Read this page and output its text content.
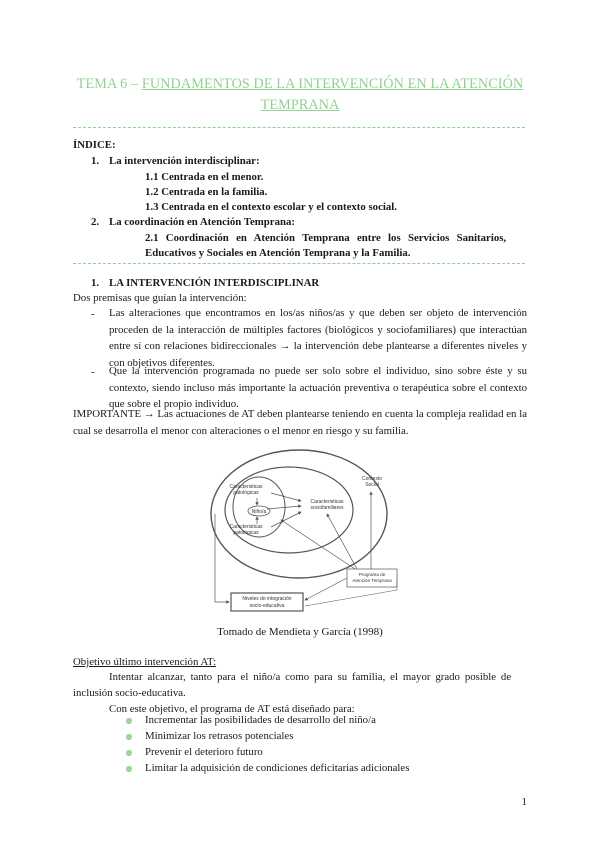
TEMA 6 – FUNDAMENTOS DE LA INTERVENCIÓN EN LA ATENCIÓN
TEMPRANA
ÍNDICE:
1. La intervención interdisciplinar:
1.1 Centrada en el menor.
1.2 Centrada en la familia.
1.3 Centrada en el contexto escolar y el contexto social.
2. La coordinación en Atención Temprana:
2.1 Coordinación en Atención Temprana entre los Servicios Sanitarios,
Educativos y Sociales en Atención Temprana y la Familia.
1. LA INTERVENCIÓN INTERDISCIPLINAR
Dos premisas que guían la intervención:
- Las alteraciones que encontramos en los/as niños/as y que deben ser objeto de intervención proceden de la interacción de múltiples factores (biológicos y sociofamiliares) que interactúan entre sí con relaciones bidireccionales → la intervención debe plantearse a diferentes niveles y con objetivos diferentes.
- Que la intervención programada no puede ser solo sobre el individuo, sino sobre éste y su contexto, siendo incluso más importante la actuación preventiva o terapéutica sobre el contexto que sobre el propio individuo.
IMPORTANTE → Las actuaciones de AT deben plantearse teniendo en cuenta la compleja realidad en la cual se desarrolla el menor con alteraciones o el menor en riesgo y su familia.
Contexto
Social
Caracteristicas
patológicas
Caracteristicas
sociofamiliares
Niño/a
Caracteristicas
patológicas
Programa de
Atención Temprana
Niveles de integración
socio-educativa
Tomado de Mendieta y García (1998)
Objetivo último intervención AT:
Intentar alcanzar, tanto para el niño/a como para su familia, el mayor grado posible de
inclusión socio-educativa.
Con este objetivo, el programa de AT está diseñado para:
Incrementar las posibilidades de desarrollo del niño/a
Minimizar los retrasos potenciales
Prevenir el deterioro futuro
Limitar la adquisición de condiciones deficitarias adicionales
1
